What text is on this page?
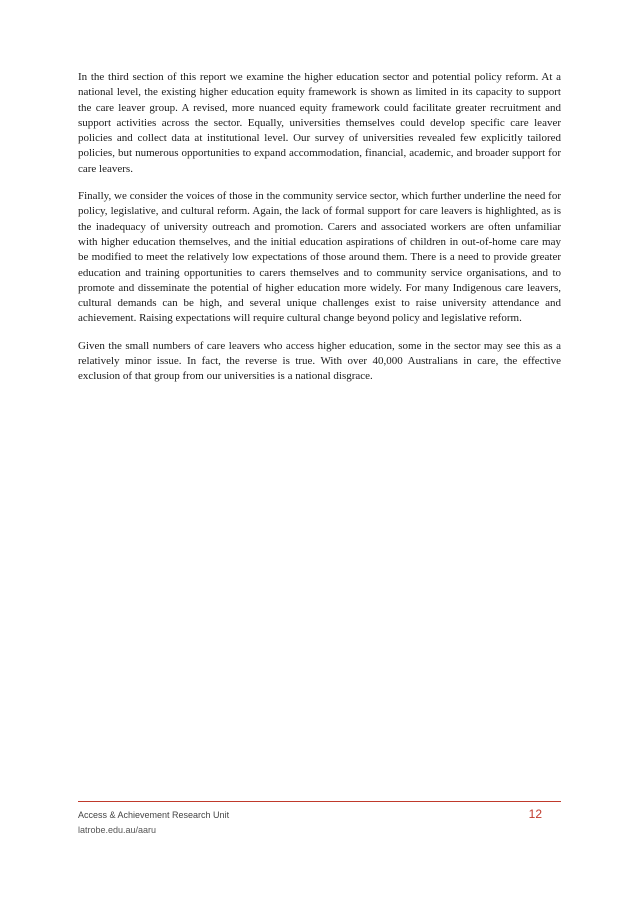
In the third section of this report we examine the higher education sector and potential policy reform. At a national level, the existing higher education equity framework is shown as limited in its capacity to support the care leaver group. A revised, more nuanced equity framework could facilitate greater recruitment and support activities across the sector. Equally, universities themselves could develop specific care leaver policies and collect data at institutional level. Our survey of universities revealed few explicitly tailored policies, but numerous opportunities to expand accommodation, financial, academic, and broader support for care leavers.

Finally, we consider the voices of those in the community service sector, which further underline the need for policy, legislative, and cultural reform. Again, the lack of formal support for care leavers is highlighted, as is the inadequacy of university outreach and promotion. Carers and associated workers are often unfamiliar with higher education themselves, and the initial education aspirations of children in out-of-home care may be modified to meet the relatively low expectations of those around them. There is a need to provide greater education and training opportunities to carers themselves and to community service organisations, and to promote and disseminate the potential of higher education more widely. For many Indigenous care leavers, cultural demands can be high, and several unique challenges exist to raise university attendance and achievement. Raising expectations will require cultural change beyond policy and legislative reform.

Given the small numbers of care leavers who access higher education, some in the sector may see this as a relatively minor issue. In fact, the reverse is true. With over 40,000 Australians in care, the effective exclusion of that group from our universities is a national disgrace.

Access & Achievement Research Unit
latrobe.edu.au/aaru
12
